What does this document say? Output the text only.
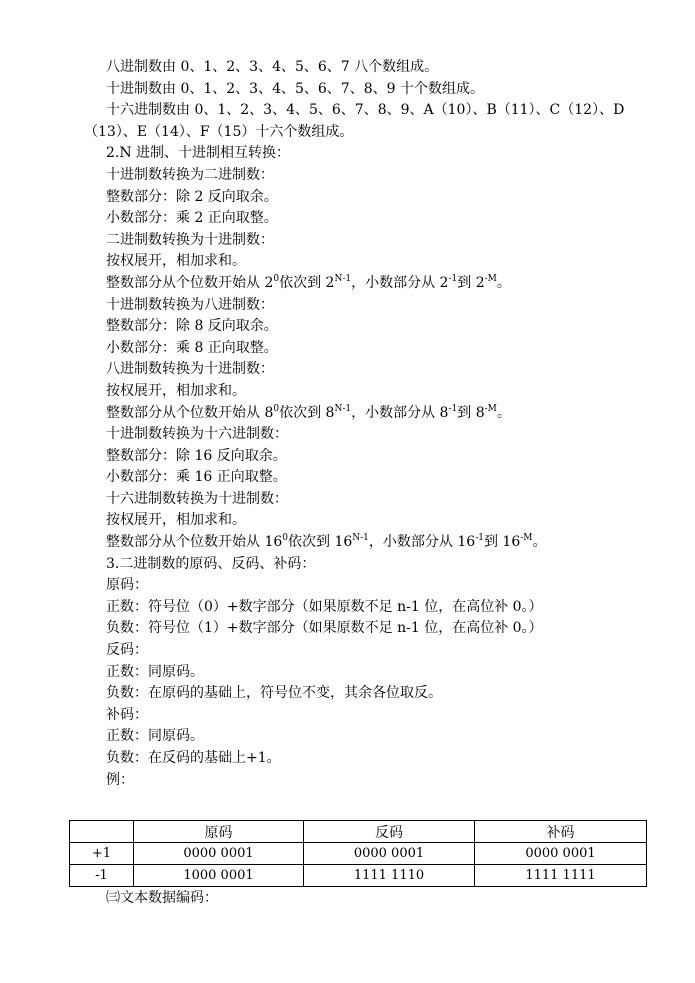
八进制数由 0、1、2、3、4、5、6、7 八个数组成。
十进制数由 0、1、2、3、4、5、6、7、8、9 十个数组成。
十六进制数由 0、1、2、3、4、5、6、7、8、9、A（10）、B（11）、C（12）、D（13）、E（14）、F（15）十六个数组成。
2.N 进制、十进制相互转换：
十进制数转换为二进制数：
整数部分：除 2 反向取余。
小数部分：乘 2 正向取整。
二进制数转换为十进制数：
按权展开，相加求和。
整数部分从个位数开始从 $2^0$依次到 $2^{N-1}$，小数部分从 $2^{-1}$到 $2^{-M}$。
十进制数转换为八进制数：
整数部分：除 8 反向取余。
小数部分：乘 8 正向取整。
八进制数转换为十进制数：
按权展开，相加求和。
整数部分从个位数开始从 $8^0$依次到 $8^{N-1}$，小数部分从 $8^{-1}$到 $8^{-M}$。
十进制数转换为十六进制数：
整数部分：除 16 反向取余。
小数部分：乘 16 正向取整。
十六进制数转换为十进制数：
按权展开，相加求和。
整数部分从个位数开始从 $16^0$依次到 $16^{N-1}$，小数部分从 $16^{-1}$到 $16^{-M}$。
3.二进制数的原码、反码、补码：
原码：
正数：符号位（0）+数字部分（如果原数不足 n-1 位，在高位补 0。）
负数：符号位（1）+数字部分（如果原数不足 n-1 位，在高位补 0。）
反码：
正数：同原码。
负数：在原码的基础上，符号位不变，其余各位取反。
补码：
正数：同原码。
负数：在反码的基础上+1。
例：
	原码	反码	补码
+1	0000 0001	0000 0001	0000 0001
-1	1000 0001	1111 1110	1111 1111
㈢文本数据编码：
